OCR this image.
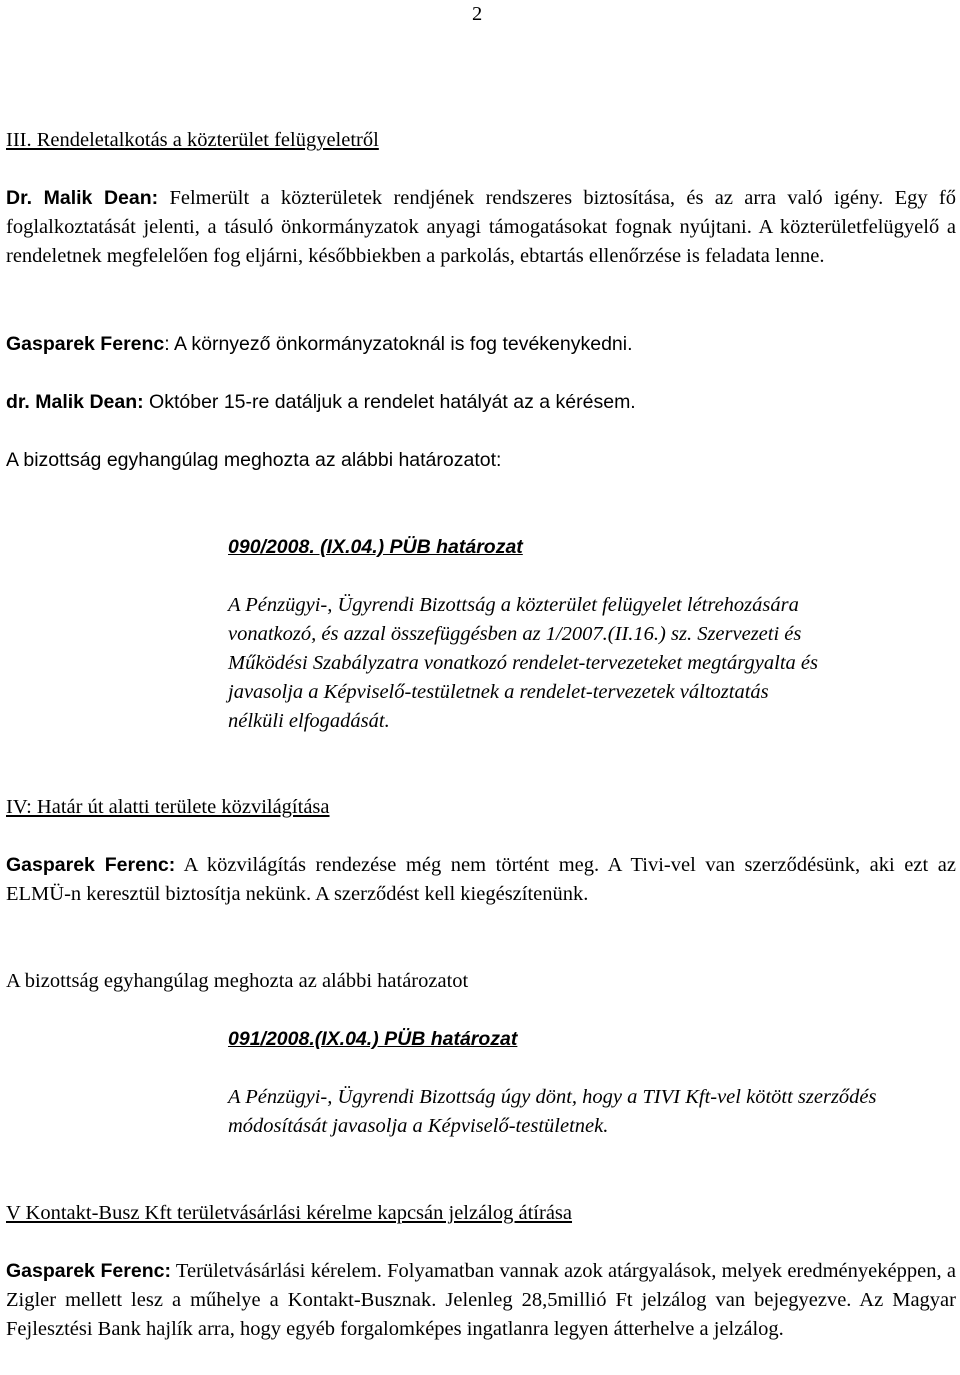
2
III. Rendeletalkotás a közterület felügyeletről
Dr. Malik Dean: Felmerült a közterületek rendjének rendszeres biztosítása, és az arra való igény. Egy fő foglalkoztatását jelenti, a tásuló önkormányzatok anyagi támogatásokat fognak nyújtani. A közterületfelügyelő a rendeletnek megfelelően fog eljárni, későbbiekben a parkolás, ebtartás ellenőrzése is feladata lenne.
Gasparek Ferenc: A környező önkormányzatoknál is fog tevékenykedni.
dr. Malik Dean: Október 15-re datáljuk a rendelet hatályát az a kérésem.
A bizottság egyhangúlag meghozta az alábbi határozatot:
090/2008. (IX.04.) PÜB határozat
A Pénzügyi-, Ügyrendi Bizottság a közterület felügyelet létrehozására vonatkozó, és azzal összefüggésben az 1/2007.(II.16.) sz. Szervezeti és Működési Szabályzatra vonatkozó rendelet-tervezeteket megtárgyalta és javasolja a Képviselő-testületnek a rendelet-tervezetek változtatás nélküli elfogadását.
IV: Határ út alatti területe közvilágítása
Gasparek Ferenc: A közvilágítás rendezése még nem történt meg. A Tivi-vel van szerződésünk, aki ezt az ELMÜ-n keresztül biztosítja nekünk. A szerződést kell kiegészítenünk.
A bizottság egyhangúlag meghozta az alábbi határozatot
091/2008.(IX.04.) PÜB határozat
A Pénzügyi-, Ügyrendi Bizottság úgy dönt, hogy a TIVI Kft-vel kötött szerződés módosítását javasolja a Képviselő-testületnek.
V Kontakt-Busz Kft területvásárlási kérelme kapcsán jelzálog átírása
Gasparek Ferenc: Területvásárlási kérelem. Folyamatban vannak azok atárgyalások, melyek eredményeképpen, a Zigler mellett lesz a műhelye a Kontakt-Busznak. Jelenleg 28,5millió Ft jelzálog van bejegyezve. Az Magyar Fejlesztési Bank hajlík arra, hogy egyéb forgalomképes ingatlanra legyen átterhelve a jelzálog.
